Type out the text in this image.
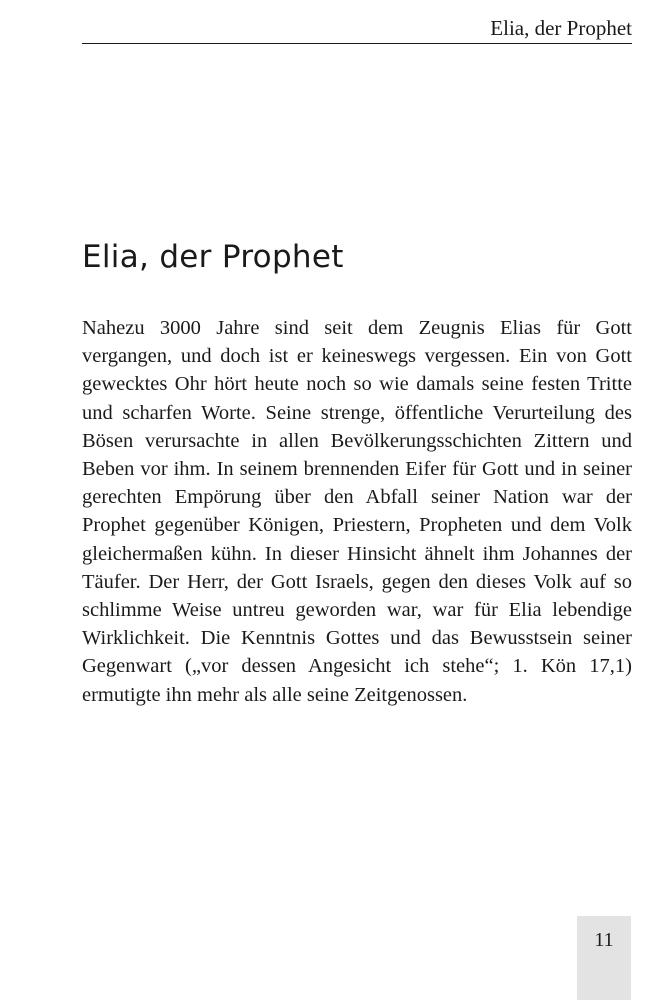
Elia, der Prophet
Elia, der Prophet

Nahezu 3000 Jahre sind seit dem Zeugnis Elias für Gott vergangen, und doch ist er keineswegs vergessen. Ein von Gott gewecktes Ohr hört heute noch so wie damals seine festen Tritte und scharfen Worte. Seine strenge, öffentliche Verurteilung des Bösen verursachte in allen Bevölkerungsschichten Zittern und Beben vor ihm. In seinem brennenden Eifer für Gott und in seiner gerechten Empörung über den Abfall seiner Nation war der Prophet gegenüber Königen, Priestern, Propheten und dem Volk gleichermaßen kühn. In dieser Hinsicht ähnelt ihm Johannes der Täufer. Der Herr, der Gott Israels, gegen den dieses Volk auf so schlimme Weise untreu geworden war, war für Elia lebendige Wirklichkeit. Die Kenntnis Gottes und das Bewusstsein seiner Gegenwart („vor dessen Angesicht ich stehe“; 1. Kön 17,1) ermutigte ihn mehr als alle seine Zeitgenossen.

11
